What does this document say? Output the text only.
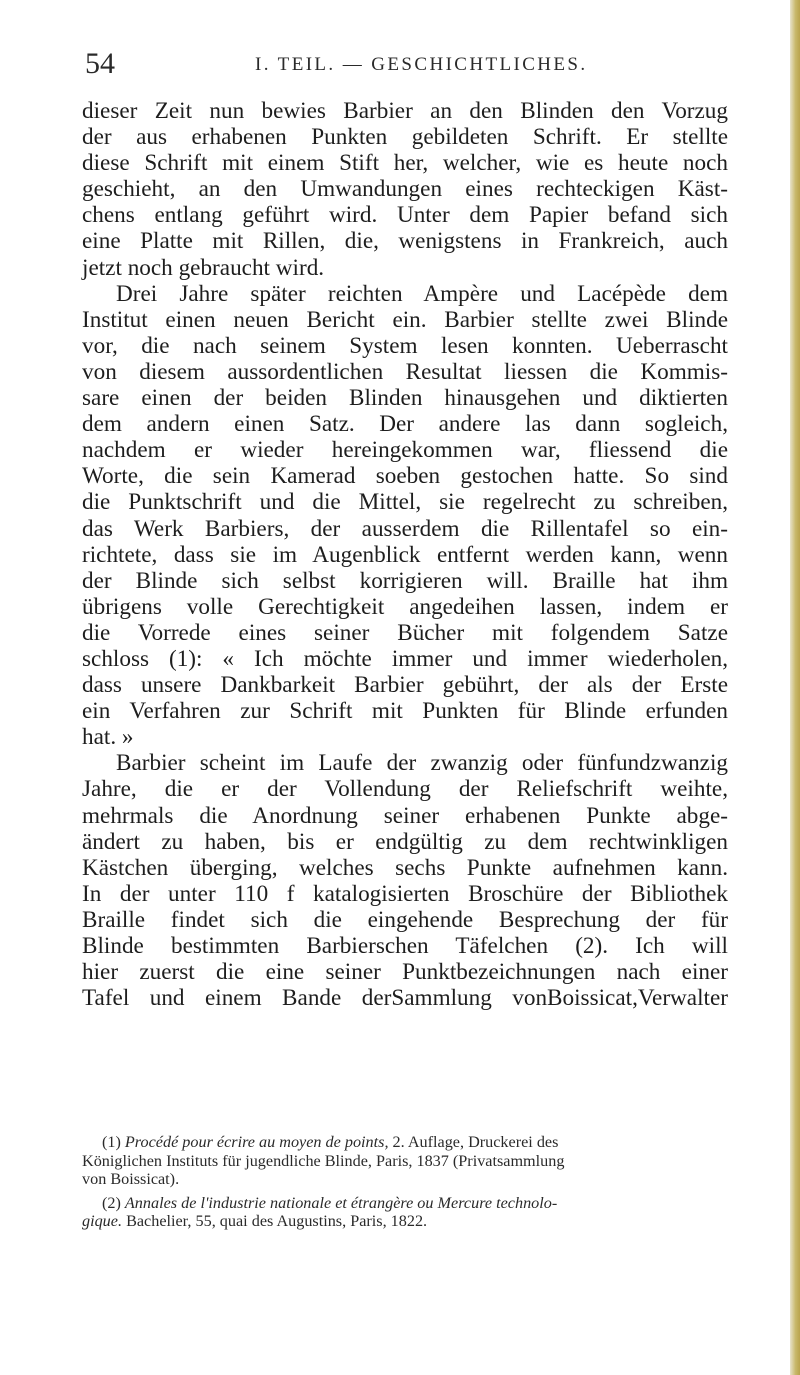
54	I. TEIL. — GESCHICHTLICHES.
dieser Zeit nun bewies Barbier an den Blinden den Vorzug
der aus erhabenen Punkten gebildeten Schrift. Er stellte
diese Schrift mit einem Stift her, welcher, wie es heute noch
geschieht, an den Umwandungen eines rechteckigen Käst-
chens entlang geführt wird. Unter dem Papier befand sich
eine Platte mit Rillen, die, wenigstens in Frankreich, auch
jetzt noch gebraucht wird.
Drei Jahre später reichten Ampère und Lacépède dem
Institut einen neuen Bericht ein. Barbier stellte zwei Blinde
vor, die nach seinem System lesen konnten. Ueberrascht
von diesem aussordentlichen Resultat liessen die Kommis-
sare einen der beiden Blinden hinausgehen und diktierten
dem andern einen Satz. Der andere las dann sogleich,
nachdem er wieder hereingekommen war, fliessend die
Worte, die sein Kamerad soeben gestochen hatte. So sind
die Punktschrift und die Mittel, sie regelrecht zu schreiben,
das Werk Barbiers, der ausserdem die Rillentafel so ein-
richtete, dass sie im Augenblick entfernt werden kann, wenn
der Blinde sich selbst korrigieren will. Braille hat ihm
übrigens volle Gerechtigkeit angedeihen lassen, indem er
die Vorrede eines seiner Bücher mit folgendem Satze
schloss (1): « Ich möchte immer und immer wiederholen,
dass unsere Dankbarkeit Barbier gebührt, der als der Erste
ein Verfahren zur Schrift mit Punkten für Blinde erfunden
hat. »
Barbier scheint im Laufe der zwanzig oder fünfundzwanzig
Jahre, die er der Vollendung der Reliefschrift weihte,
mehrmals die Anordnung seiner erhabenen Punkte abge-
ändert zu haben, bis er endgültig zu dem rechtwinkligen
Kästchen überging, welches sechs Punkte aufnehmen kann.
In der unter 110 f katalogisierten Broschüre der Bibliothek
Braille findet sich die eingehende Besprechung der für
Blinde bestimmten Barbierschen Täfelchen (2). Ich will
hier zuerst die eine seiner Punktbezeichnungen nach einer
Tafel und einem Bande derSammlung vonBoissicat,Verwalter
(1) Procédé pour écrire au moyen de points, 2. Auflage, Druckerei des
Königlichen Instituts für jugendliche Blinde, Paris, 1837 (Privatsammlung
von Boissicat).
(2) Annales de l'industrie nationale et étrangère ou Mercure technolo-
gique. Bachelier, 55, quai des Augustins, Paris, 1822.
